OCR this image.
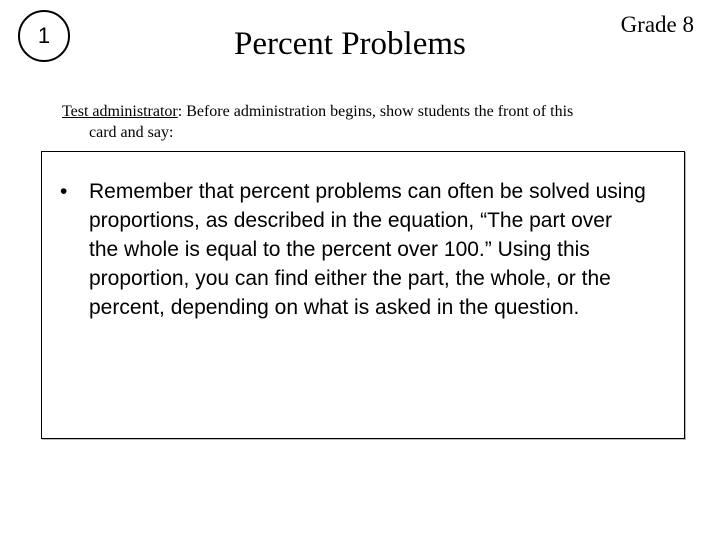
1	Percent Problems
Grade 8
Test administrator: Before administration begins, show students the front of this
card and say:
• Remember that percent problems can often be solved using
proportions, as described in the equation, “The part over
the whole is equal to the percent over 100.” Using this
proportion, you can find either the part, the whole, or the
percent, depending on what is asked in the question.
